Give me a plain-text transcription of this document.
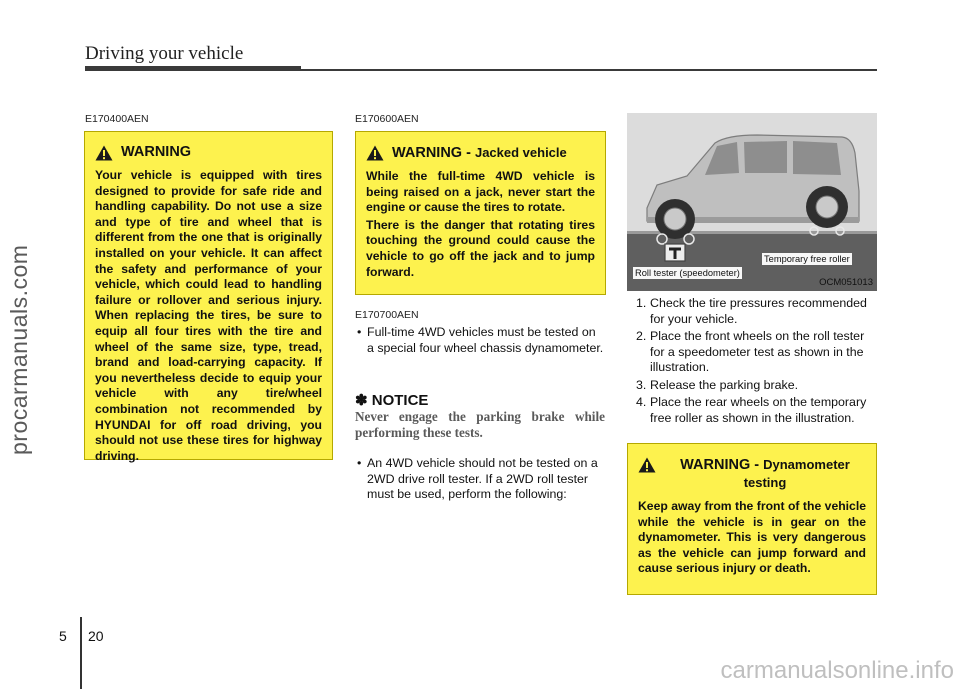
Driving your vehicle
procarmanuals.com
carmanualsonline.info
E170400AEN
WARNING
Your vehicle is equipped with tires designed to provide for safe ride and handling capability. Do not use a size and type of tire and wheel that is different from the one that is originally installed on your vehicle. It can affect the safety and performance of your vehicle, which could lead to handling failure or rollover and serious injury. When replacing the tires, be sure to equip all four tires with the tire and wheel of the same size, type, tread, brand and load-carrying capacity. If you nevertheless decide to equip your vehicle with any tire/wheel combination not recommended by HYUNDAI for off road driving, you should not use these tires for highway driving.
E170600AEN
WARNING - Jacked vehicle

While the full-time 4WD vehicle is being raised on a jack, never start the engine or cause the tires to rotate.

There is the danger that rotating tires touching the ground could cause the vehicle to go off the jack and to jump forward.

E170700AEN
• Full-time 4WD vehicles must be tested on a special four wheel chassis dynamometer.
✽ NOTICE
Never engage the parking brake while performing these tests.
• An 4WD vehicle should not be tested on a 2WD drive roll tester. If a 2WD roll tester must be used, perform the following:
Temporary free roller
Roll tester (speedometer)
OCM051013
1. Check the tire pressures recommended for your vehicle.
2. Place the front wheels on the roll tester for a speedometer test as shown in the illustration.
3. Release the parking brake.
4. Place the rear wheels on the temporary free roller as shown in the illustration.
WARNING - Dynamometer testing
Keep away from the front of the vehicle while the vehicle is in gear on the dynamometer. This is very dangerous as the vehicle can jump forward and cause serious injury or death.
5 20
